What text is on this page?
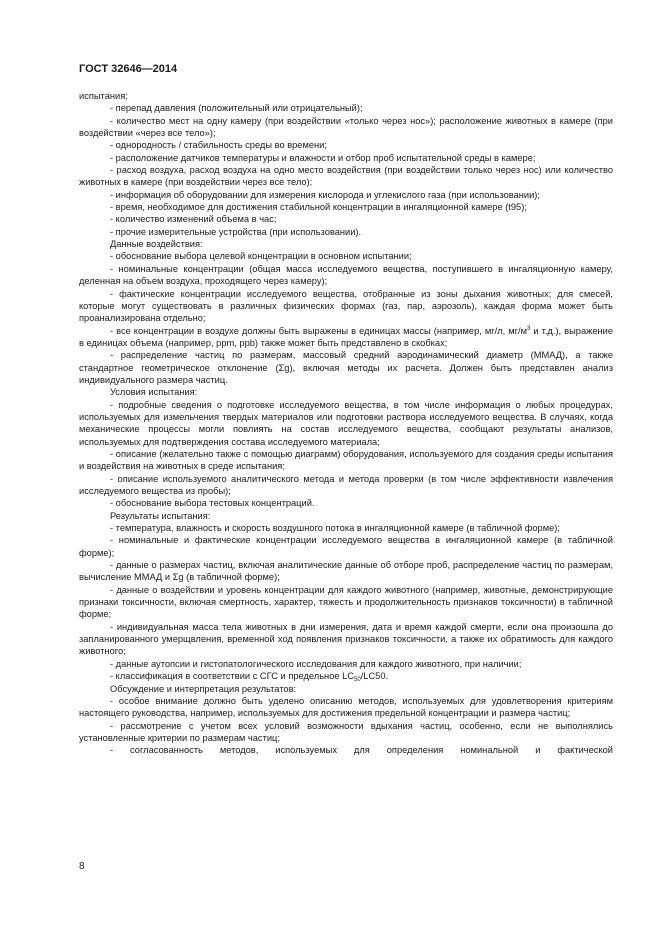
ГОСТ 32646—2014

испытания;

- перепад давления (положительный или отрицательный);

- количество мест на одну камеру (при воздействии «только через нос»); расположение животных в камере (при воздействии «через все тело»);

- однородность / стабильность среды во времени;

- расположение датчиков температуры и влажности и отбор проб испытательной среды в камере;

- расход воздуха, расход воздуха на одно место воздействия (при воздействии только через нос) или количество животных в камере (при воздействии через все тело);

- информация об оборудовании для измерения кислорода и углекислого газа (при использовании);

- время, необходимое для достижения стабильной концентрации в ингаляционной камере (t95);

- количество изменений объема в час;

- прочие измерительные устройства (при использовании).

Данные воздействия:

- обоснование выбора целевой концентрации в основном испытании;

- номинальные концентрации (общая масса исследуемого вещества, поступившего в ингаляционную камеру, деленная на объем воздуха, проходящего через камеру);

- фактические концентрации исследуемого вещества, отобранные из зоны дыхания животных; для смесей, которые могут существовать в различных физических формах (газ, пар, аэрозоль), каждая форма может быть проанализирована отдельно;

- все концентрации в воздухе должны быть выражены в единицах массы (например, мг/л, $мг/м^3$ и т.д.), выражение в единицах объема (например, ppm, ppb) также может быть представлено в скобках;

- распределение частиц по размерам, массовый средний аэродинамический диаметр (ММАД), а также стандартное геометрическое отклонение (Σg), включая методы их расчета. Должен быть представлен анализ индивидуального размера частиц.

Условия испытания:

- подробные сведения о подготовке исследуемого вещества, в том числе информация о любых процедурах, используемых для измельчения твердых материалов или подготовки раствора исследуемого вещества. В случаях, когда механические процессы могли повлиять на состав исследуемого вещества, сообщают результаты анализов, используемых для подтверждения состава исследуемого материала;

- описание (желательно также с помощью диаграмм) оборудования, используемого для создания среды испытания и воздействия на животных в среде испытания;

- описание используемого аналитического метода и метода проверки (в том числе эффективности извлечения исследуемого вещества из пробы);

- обоснование выбора тестовых концентраций.

Результаты испытания:

- температура, влажность и скорость воздушного потока в ингаляционной камере (в табличной форме);

- номинальные и фактические концентрации исследуемого вещества в ингаляционной камере (в табличной форме);

- данные о размерах частиц, включая аналитические данные об отборе проб, распределение частиц по размерам, вычисление ММАД и Σg (в табличной форме);

- данные о воздействии и уровень концентрации для каждого животного (например, животные, демонстрирующие признаки токсичности, включая смертность, характер, тяжесть и продолжительность признаков токсичности) в табличной форме;

- индивидуальная масса тела животных в дни измерения, дата и время каждой смерти, если она произошла до запланированного умерщвления, временной ход появления признаков токсичности, а также их обратимость для каждого животного;

- данные аутопсии и гистопатологического исследования для каждого животного, при наличии;

- классификация в соответствии с СГС и предельное $LC_{50}/LC50$.

Обсуждение и интерпретация результатов:

- особое внимание должно быть уделено описанию методов, используемых для удовлетворения критериям настоящего руководства, например, используемых для достижения предельной концентрации и размера частиц;

- рассмотрение с учетом всех условий возможности вдыхания частиц, особенно, если не выполнялись установленные критерии по размерам частиц;

- согласованность методов, используемых для определения номинальной и фактической

8
